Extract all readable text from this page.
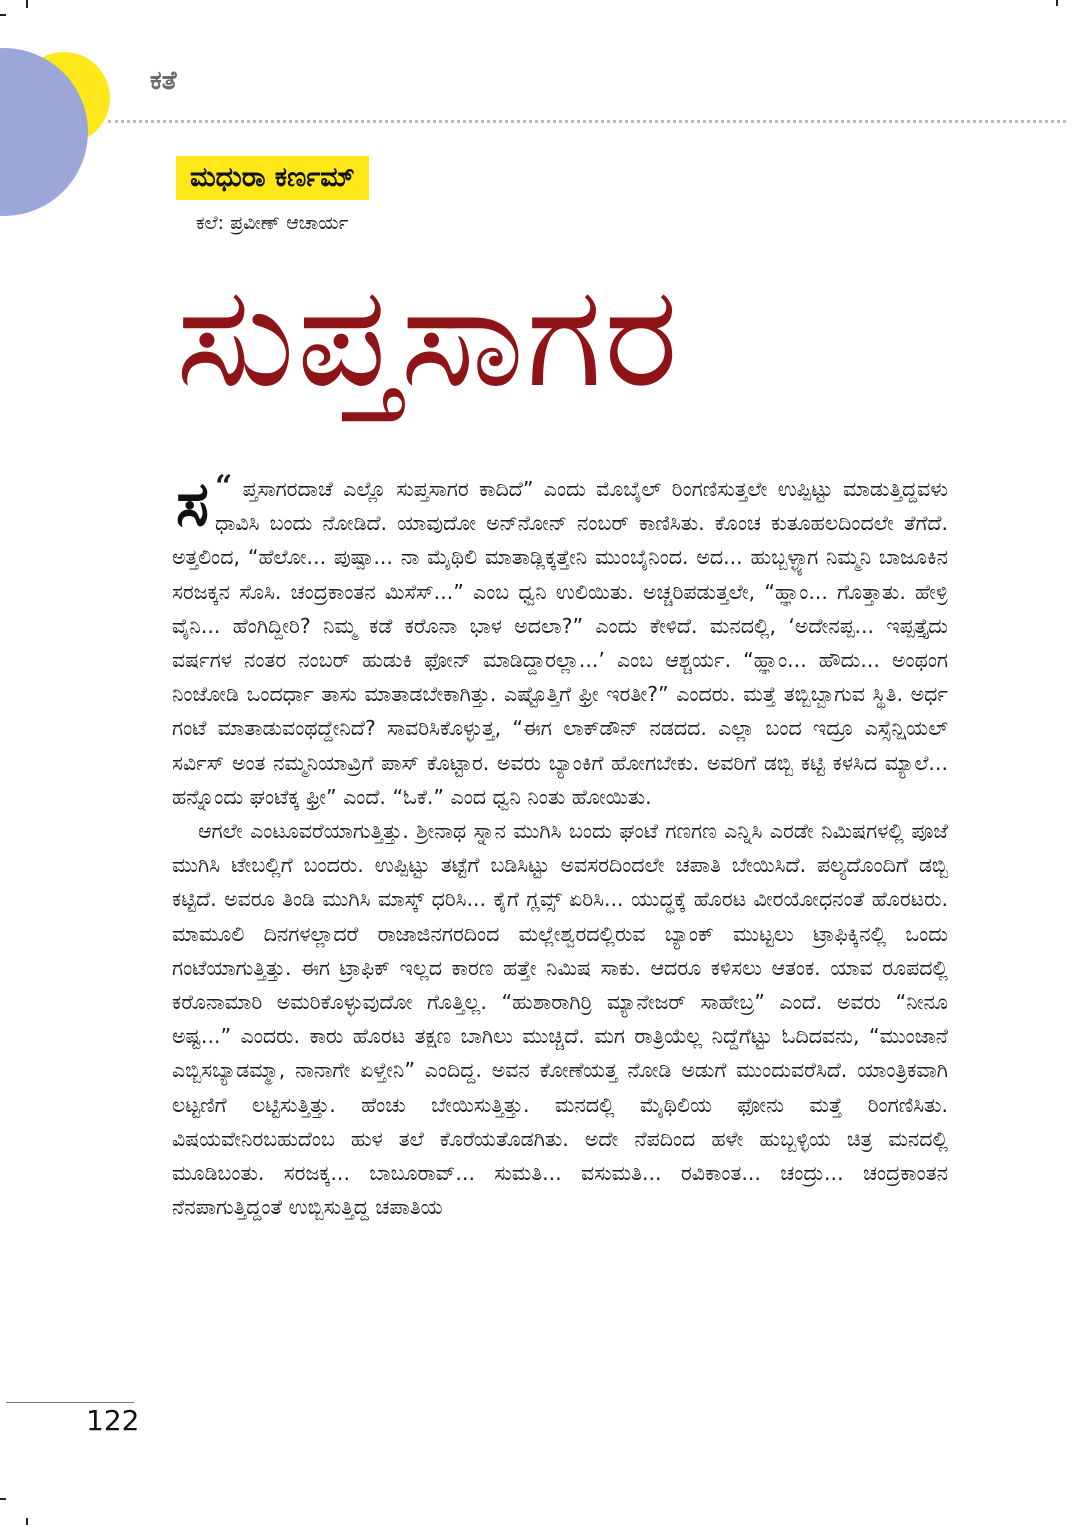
ಕತೆ
ಮಧುರಾ ಕರ್ಣಮ್
ಕಲೆ: ಪ್ರವೀಣ್ ಆಚಾರ್ಯ
ಸುಪ್ತಸಾಗರ

“
ಸ ಪ್ತಸಾಗರದಾಚೆ ಎಲ್ಲೊ ಸುಪ್ತಸಾಗರ ಕಾದಿದೆ” ಎಂದು ಮೊಬೈಲ್ ರಿಂಗಣಿಸುತ್ತಲೇ ಉಪ್ಪಿಟ್ಟು ಮಾಡುತ್ತಿದ್ದವಳು ಧಾವಿಸಿ ಬಂದು ನೋಡಿದೆ. ಯಾವುದೋ ಅನ್‌ನೋನ್ ನಂಬರ್ ಕಾಣಿಸಿತು. ಕೊಂಚ ಕುತೂಹಲದಿಂದಲೇ ತೆಗೆದೆ. ಅತ್ತಲಿಂದ, “ಹೆಲೋ... ಪುಷ್ಪಾ... ನಾ ಮೈಥಿಲಿ ಮಾತಾಡ್ಲಿಕ್ಕತ್ತೇನಿ ಮುಂಬೈನಿಂದ. ಅದ... ಹುಬ್ಬಳ್ಳ್ಯಾಗ ನಿಮ್ಮನಿ ಬಾಜೂಕಿನ ಸರಜಕ್ಕನ ಸೊಸಿ. ಚಂದ್ರಕಾಂತನ ಮಿಸೆಸ್...” ಎಂಬ ಧ್ವನಿ ಉಲಿಯಿತು. ಅಚ್ಚರಿಪಡುತ್ತಲೇ, “ಹ್ಞಾಂ... ಗೊತ್ತಾತು. ಹೇಳ್ರಿ ವೈನಿ... ಹೆಂಗಿದ್ದೀರಿ? ನಿಮ್ಮ ಕಡೆ ಕರೊನಾ ಭಾಳ ಅದಲಾ?” ಎಂದು ಕೇಳಿದೆ. ಮನದಲ್ಲಿ, ‘ಅದೇನಪ್ಪ... ಇಪ್ಪತ್ತೈದು ವರ್ಷಗಳ ನಂತರ ನಂಬರ್ ಹುಡುಕಿ ಫೋನ್ ಮಾಡಿದ್ದಾರಲ್ಲಾ...’ ಎಂಬ ಆಶ್ಚರ್ಯ. “ಹ್ಞಾಂ... ಹೌದು... ಅಂಥಂಗ ನಿಂಜೋಡಿ ಒಂದರ್ಧಾ ತಾಸು ಮಾತಾಡಬೇಕಾಗಿತ್ತು. ಎಷ್ಟೊತ್ತಿಗೆ ಫ್ರೀ ಇರತೀ?” ಎಂದರು. ಮತ್ತೆ ತಬ್ಬಿಬ್ಬಾಗುವ ಸ್ಥಿತಿ. ಅರ್ಧ ಗಂಟೆ ಮಾತಾಡುವಂಥದ್ದೇನಿದೆ? ಸಾವರಿಸಿಕೊಳ್ಳುತ್ತ, “ಈಗ ಲಾಕ್‌ಡೌನ್ ನಡದದ. ಎಲ್ಲಾ ಬಂದ ಇದ್ರೂ ಎಸ್ಸೆನ್ಷಿಯಲ್ ಸರ್ವಿಸ್ ಅಂತ ನಮ್ಮನಿಯಾವ್ರಿಗೆ ಪಾಸ್ ಕೊಟ್ಟಾರ. ಅವರು ಬ್ಯಾಂಕಿಗೆ ಹೋಗಬೇಕು. ಅವರಿಗೆ ಡಬ್ಬಿ ಕಟ್ಟಿ ಕಳಸಿದ ಮ್ಯಾಲೆ... ಹನ್ನೊಂದು ಘಂಟೆಕ್ಕ ಫ್ರೀ” ಎಂದೆ. “ಓಕೆ.” ಎಂದ ಧ್ವನಿ ನಿಂತು ಹೋಯಿತು.

ಆಗಲೇ ಎಂಟೂವರೆಯಾಗುತ್ತಿತ್ತು. ಶ್ರೀನಾಥ ಸ್ನಾನ ಮುಗಿಸಿ ಬಂದು ಘಂಟೆ ಗಣಗಣ ಎನ್ನಿಸಿ ಎರಡೇ ನಿಮಿಷಗಳಲ್ಲಿ ಪೂಜೆ ಮುಗಿಸಿ ಟೇಬಲ್ಲಿಗೆ ಬಂದರು. ಉಪ್ಪಿಟ್ಟು ತಟ್ಟೆಗೆ ಬಡಿಸಿಟ್ಟು ಅವಸರದಿಂದಲೇ ಚಪಾತಿ ಬೇಯಿಸಿದೆ. ಪಲ್ಯದೊಂದಿಗೆ ಡಬ್ಬಿ ಕಟ್ಟಿದೆ. ಅವರೂ ತಿಂಡಿ ಮುಗಿಸಿ ಮಾಸ್ಕ್ ಧರಿಸಿ... ಕೈಗೆ ಗ್ಲವ್ಸ್ ಏರಿಸಿ... ಯುದ್ಧಕ್ಕೆ ಹೊರಟ ವೀರಯೋಧನಂತೆ ಹೊರಟರು. ಮಾಮೂಲಿ ದಿನಗಳಲ್ಲಾದರೆ ರಾಜಾಜಿನಗರದಿಂದ ಮಲ್ಲೇಶ್ವರದಲ್ಲಿರುವ ಬ್ಯಾಂಕ್ ಮುಟ್ಟಲು ಟ್ರಾಫಿಕ್ಕಿನಲ್ಲಿ ಒಂದು ಗಂಟೆಯಾಗುತ್ತಿತ್ತು. ಈಗ ಟ್ರಾಫಿಕ್ ಇಲ್ಲದ ಕಾರಣ ಹತ್ತೇ ನಿಮಿಷ ಸಾಕು. ಆದರೂ ಕಳಿಸಲು ಆತಂಕ. ಯಾವ ರೂಪದಲ್ಲಿ ಕರೊನಾಮಾರಿ ಅಮರಿಕೊಳ್ಳುವುದೋ ಗೊತ್ತಿಲ್ಲ. “ಹುಶಾರಾಗಿರ್ರಿ ಮ್ಯಾನೇಜರ್ ಸಾಹೇಬ್ರ” ಎಂದೆ. ಅವರು “ನೀನೂ ಅಷ್ಟ...” ಎಂದರು. ಕಾರು ಹೊರಟ ತಕ್ಷಣ ಬಾಗಿಲು ಮುಚ್ಚಿದೆ. ಮಗ ರಾತ್ರಿಯೆಲ್ಲ ನಿದ್ದೆಗೆಟ್ಟು ಓದಿದವನು, “ಮುಂಜಾನೆ ಎಬ್ಬಿಸಬ್ಯಾಡಮ್ಮಾ, ನಾನಾಗೇ ಏಳ್ತೇನಿ” ಎಂದಿದ್ದ. ಅವನ ಕೋಣೆಯತ್ತ ನೋಡಿ ಅಡುಗೆ ಮುಂದುವರೆಸಿದೆ. ಯಾಂತ್ರಿಕವಾಗಿ ಲಟ್ಟಣಿಗೆ ಲಟ್ಟಿಸುತ್ತಿತ್ತು. ಹೆಂಚು ಬೇಯಿಸುತ್ತಿತ್ತು. ಮನದಲ್ಲಿ ಮೈಥಿಲಿಯ ಫೋನು ಮತ್ತೆ ರಿಂಗಣಿಸಿತು. ವಿಷಯವೇನಿರಬಹುದೆಂಬ ಹುಳ ತಲೆ ಕೊರೆಯತೊಡಗಿತು. ಅದೇ ನೆಪದಿಂದ ಹಳೇ ಹುಬ್ಬಳ್ಳಿಯ ಚಿತ್ರ ಮನದಲ್ಲಿ ಮೂಡಿಬಂತು. ಸರಜಕ್ಕ... ಬಾಬೂರಾವ್... ಸುಮತಿ... ವಸುಮತಿ... ರವಿಕಾಂತ... ಚಂದ್ರು... ಚಂದ್ರಕಾಂತನ ನೆನಪಾಗುತ್ತಿದ್ದಂತೆ ಉಬ್ಬಿಸುತ್ತಿದ್ದ ಚಪಾತಿಯ

122
